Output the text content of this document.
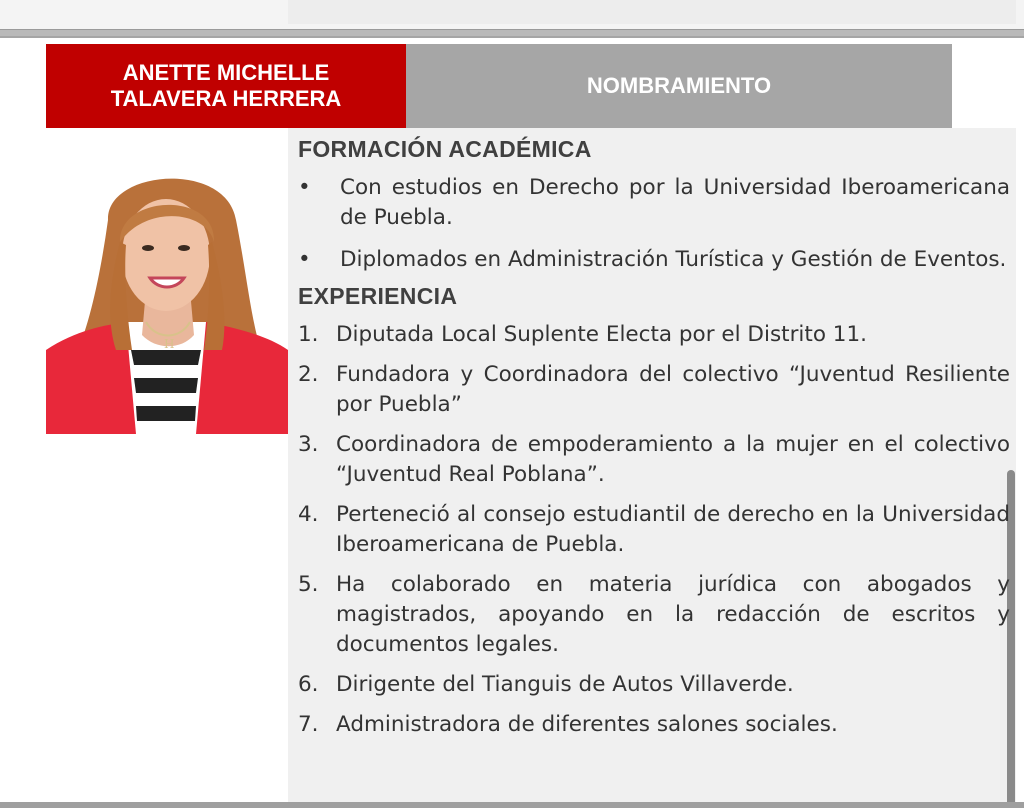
ANETTE MICHELLE
TALAVERA HERRERA
NOMBRAMIENTO
H
FORMACIÓN ACADÉMICA
•	Con estudios en Derecho por la Universidad Iberoamericana de Puebla.
•	Diplomados en Administración Turística y Gestión de Eventos.
EXPERIENCIA
1. Diputada Local Suplente Electa por el Distrito 11.
2. Fundadora y Coordinadora del colectivo “Juventud Resiliente por Puebla”
3. Coordinadora de empoderamiento a la mujer en el colectivo “Juventud Real Poblana”.
4. Perteneció al consejo estudiantil de derecho en la Universidad Iberoamericana de Puebla.
5. Ha colaborado en materia jurídica con abogados y magistrados, apoyando en la redacción de escritos y documentos legales.
6. Dirigente del Tianguis de Autos Villaverde.
7. Administradora de diferentes salones sociales.
